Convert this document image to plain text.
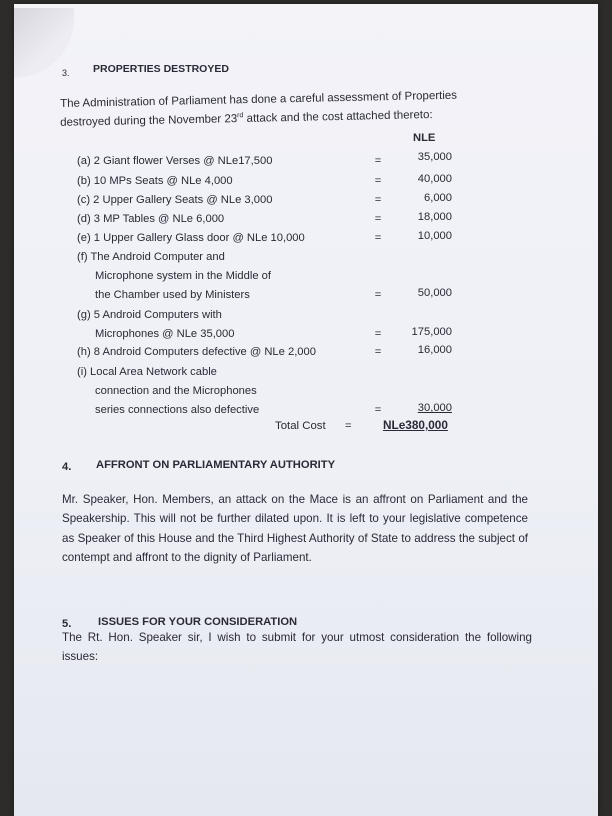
3. PROPERTIES DESTROYED
The Administration of Parliament has done a careful assessment of Properties
destroyed during the November 23rd attack and the cost attached thereto:
NLE
(a) 2 Giant flower Verses @ NLe17,500	=	35,000
(b) 10 MPs Seats @ NLe 4,000	=	40,000
(c) 2 Upper Gallery Seats @ NLe 3,000	=	6,000
(d) 3 MP Tables @ NLe 6,000	=	18,000
(e) 1 Upper Gallery Glass door @ NLe 10,000	=	10,000
(f) The Android Computer and
Microphone system in the Middle of
the Chamber used by Ministers	=	50,000
(g) 5 Android Computers with
Microphones @ NLe 35,000	=	175,000
(h) 8 Android Computers defective @ NLe 2,000	=	16,000
(i) Local Area Network cable
connection and the Microphones
series connections also defective	=	30,000
Total Cost =	NLe380,000
4. AFFRONT ON PARLIAMENTARY AUTHORITY
Mr. Speaker, Hon. Members, an attack on the Mace is an affront on Parliament and the Speakership. This will not be further dilated upon. It is left to your legislative competence as Speaker of this House and the Third Highest Authority of State to address the subject of contempt and affront to the dignity of Parliament.
5. ISSUES FOR YOUR CONSIDERATION
The Rt. Hon. Speaker sir, I wish to submit for your utmost consideration the following issues:
